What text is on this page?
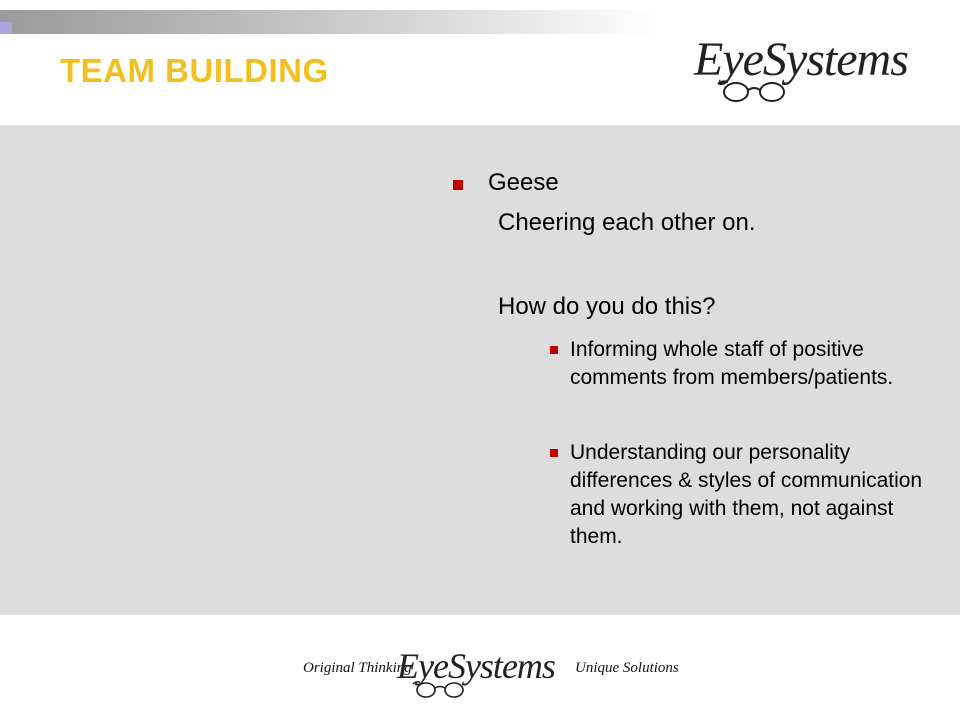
TEAM BUILDING	EyeSystems
Geese
Cheering each other on.
How do you do this?
Informing whole staff of positive comments from members/patients.
Understanding our personality differences & styles of communication and working with them, not against them.
Original Thinking
EyeSystems	Unique Solutions
